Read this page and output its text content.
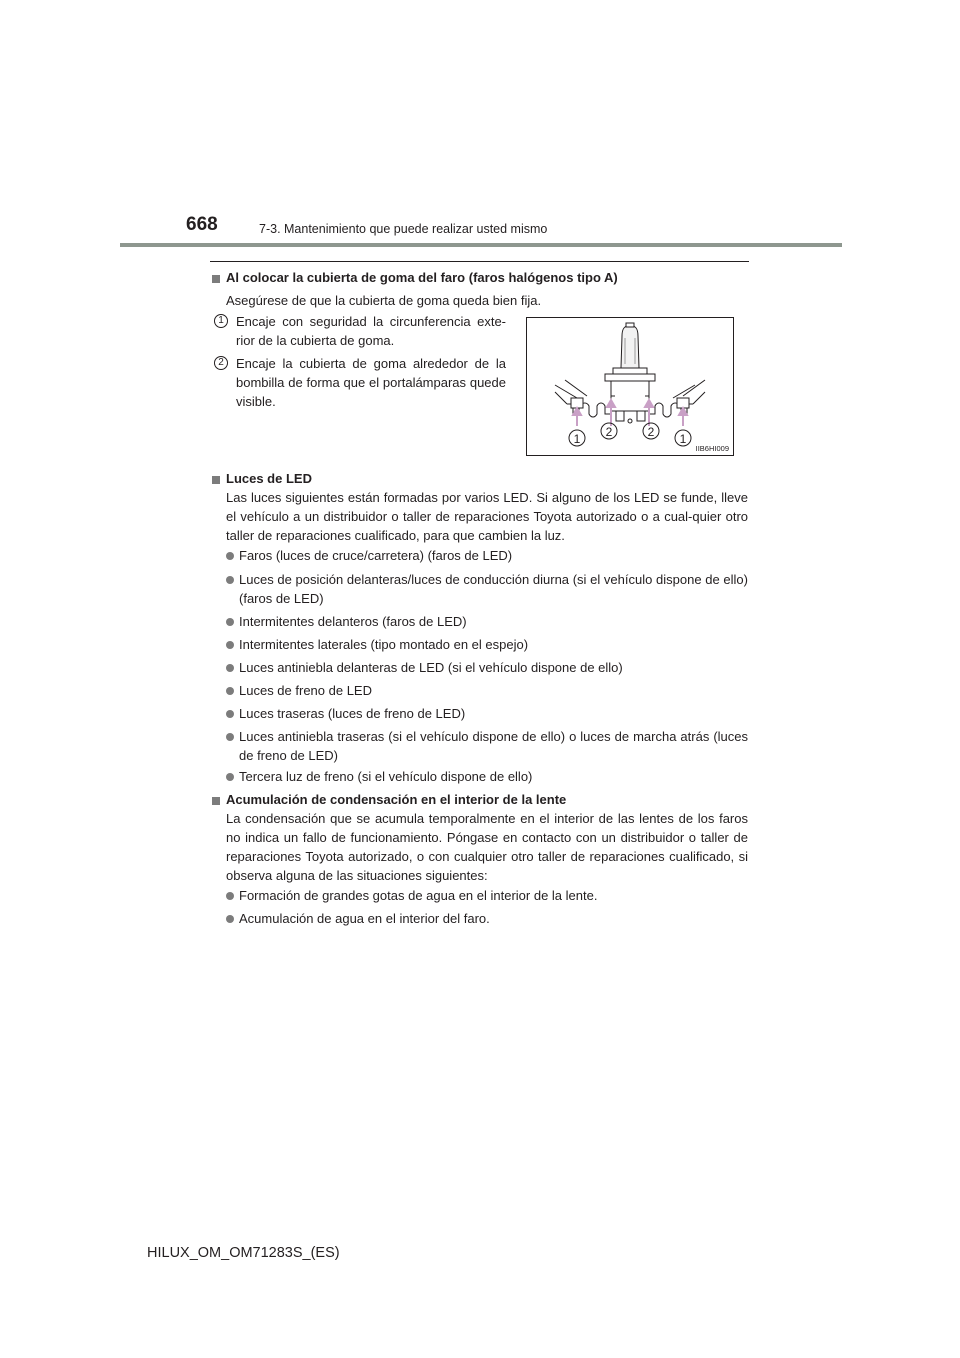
668	7-3. Mantenimiento que puede realizar usted mismo
Al colocar la cubierta de goma del faro (faros halógenos tipo A)
Asegúrese de que la cubierta de goma queda bien fija.
1 Encaje con seguridad la circunferencia exte-rior de la cubierta de goma.
2 Encaje la cubierta de goma alrededor de la bombilla de forma que el portalámparas quede visible.
1 2	2 1
IIB6HI009
Luces de LED
Las luces siguientes están formadas por varios LED. Si alguno de los LED se funde, lleve el vehículo a un distribuidor o taller de reparaciones Toyota autorizado o a cual-quier otro taller de reparaciones cualificado, para que cambien la luz.
Faros (luces de cruce/carretera) (faros de LED)
Luces de posición delanteras/luces de conducción diurna (si el vehículo dispone de ello) (faros de LED)
Intermitentes delanteros (faros de LED)
Intermitentes laterales (tipo montado en el espejo)
Luces antiniebla delanteras de LED (si el vehículo dispone de ello)
Luces de freno de LED
Luces traseras (luces de freno de LED)
Luces antiniebla traseras (si el vehículo dispone de ello) o luces de marcha atrás (luces de freno de LED)
Tercera luz de freno (si el vehículo dispone de ello)
Acumulación de condensación en el interior de la lente
La condensación que se acumula temporalmente en el interior de las lentes de los faros no indica un fallo de funcionamiento. Póngase en contacto con un distribuidor o taller de reparaciones Toyota autorizado, o con cualquier otro taller de reparaciones cualificado, si observa alguna de las situaciones siguientes:
Formación de grandes gotas de agua en el interior de la lente.
Acumulación de agua en el interior del faro.
HILUX_OM_OM71283S_(ES)
